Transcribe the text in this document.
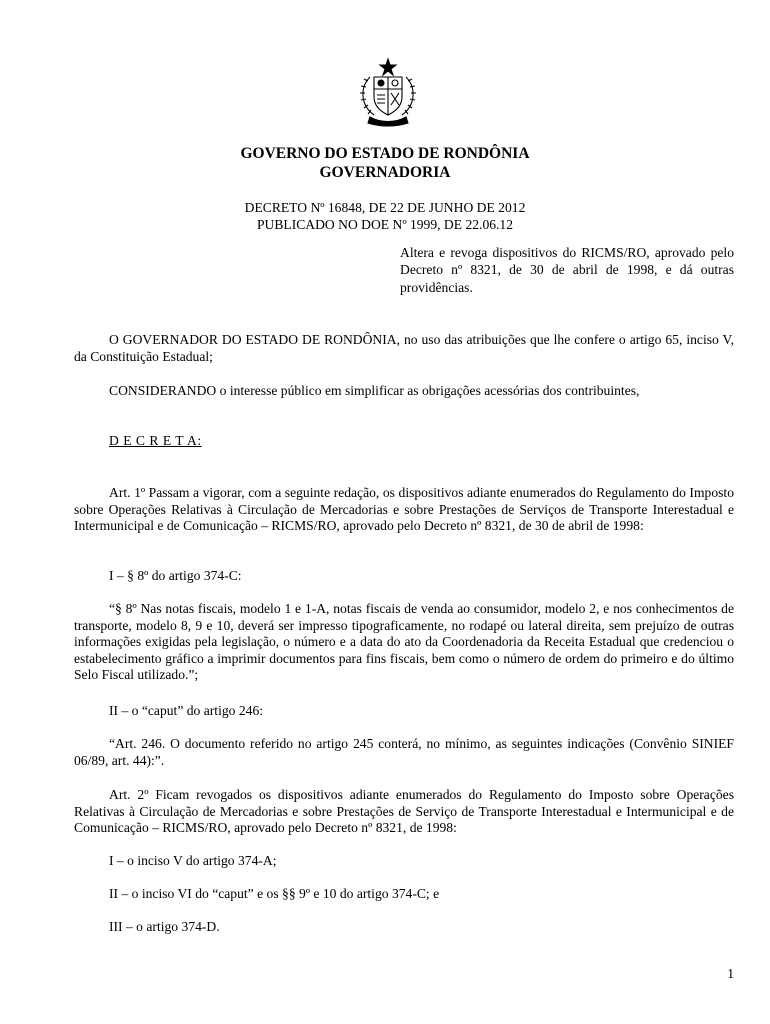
GOVERNO DO ESTADO DE RONDÔNIA
GOVERNADORIA
DECRETO Nº 16848, DE 22 DE JUNHO DE 2012
PUBLICADO NO DOE Nº 1999, DE 22.06.12
Altera e revoga dispositivos do RICMS/RO, aprovado pelo Decreto nº 8321, de 30 de abril de 1998, e dá outras providências.
O GOVERNADOR DO ESTADO DE RONDÔNIA, no uso das atribuições que lhe confere o artigo 65, inciso V, da Constituição Estadual;
CONSIDERANDO o interesse público em simplificar as obrigações acessórias dos contribuintes,
D E C R E T A:
Art. 1º Passam a vigorar, com a seguinte redação, os dispositivos adiante enumerados do Regulamento do Imposto sobre Operações Relativas à Circulação de Mercadorias e sobre Prestações de Serviços de Transporte Interestadual e Intermunicipal e de Comunicação – RICMS/RO, aprovado pelo Decreto nº 8321, de 30 de abril de 1998:
I – § 8º do artigo 374-C:
“§ 8º Nas notas fiscais, modelo 1 e 1-A, notas fiscais de venda ao consumidor, modelo 2, e nos conhecimentos de transporte, modelo 8, 9 e 10, deverá ser impresso tipograficamente, no rodapé ou lateral direita, sem prejuízo de outras informações exigidas pela legislação, o número e a data do ato da Coordenadoria da Receita Estadual que credenciou o estabelecimento gráfico a imprimir documentos para fins fiscais, bem como o número de ordem do primeiro e do último Selo Fiscal utilizado.”;
II – o “caput” do artigo 246:
“Art. 246. O documento referido no artigo 245 conterá, no mínimo, as seguintes indicações (Convênio SINIEF 06/89, art. 44):”.
Art. 2º Ficam revogados os dispositivos adiante enumerados do Regulamento do Imposto sobre Operações Relativas à Circulação de Mercadorias e sobre Prestações de Serviço de Transporte Interestadual e Intermunicipal e de Comunicação – RICMS/RO, aprovado pelo Decreto nº 8321, de 1998:
I – o inciso V do artigo 374-A;
II – o inciso VI do “caput” e os §§ 9º e 10 do artigo 374-C; e
III – o artigo 374-D.
1
